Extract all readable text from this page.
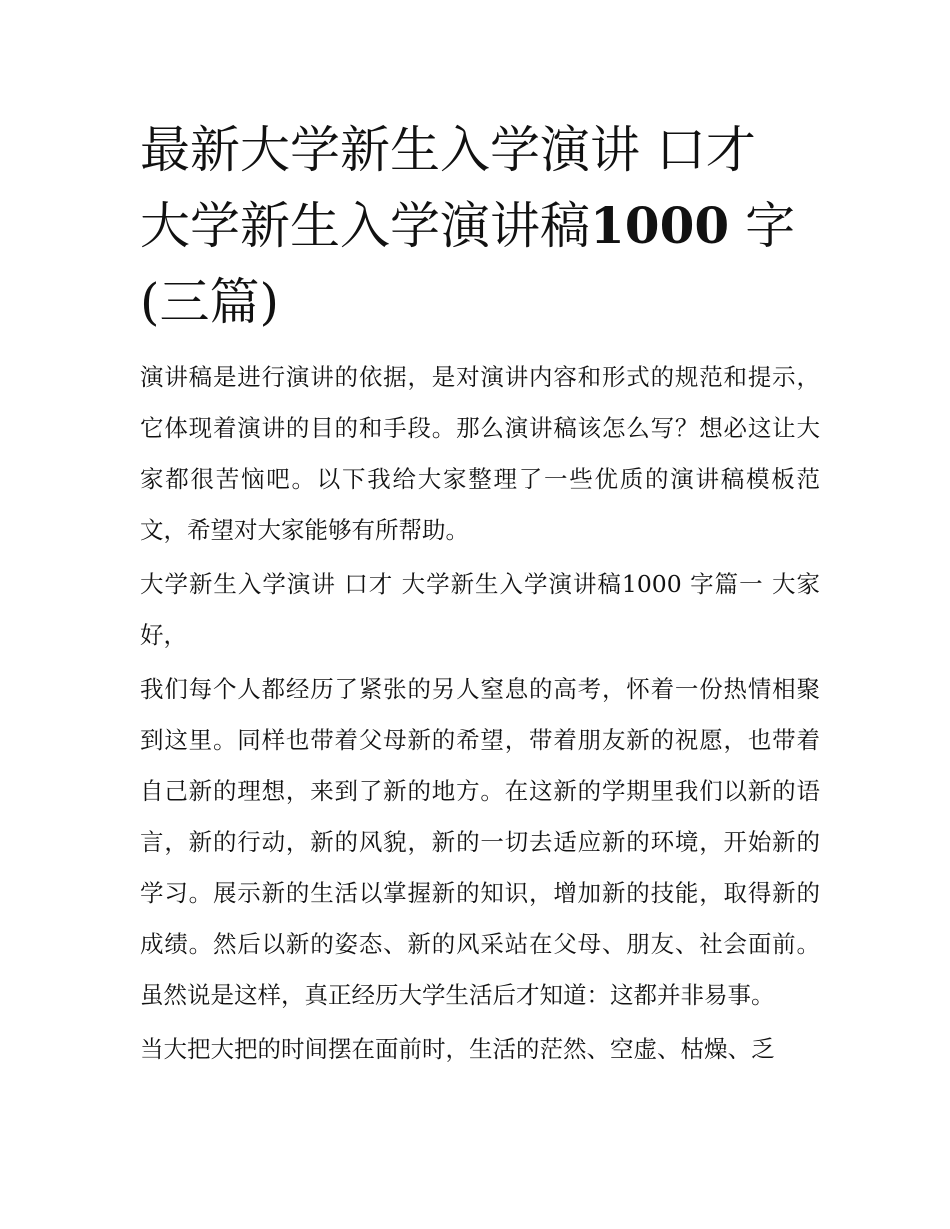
最新大学新生入学演讲 口才
大学新生入学演讲稿1000 字
(三篇)

演讲稿是进行演讲的依据，是对演讲内容和形式的规范和提示，它体现着演讲的目的和手段。那么演讲稿该怎么写？想必这让大家都很苦恼吧。以下我给大家整理了一些优质的演讲稿模板范文，希望对大家能够有所帮助。

大学新生入学演讲 口才 大学新生入学演讲稿1000 字篇一 大家好，

我们每个人都经历了紧张的另人窒息的高考，怀着一份热情相聚到这里。同样也带着父母新的希望，带着朋友新的祝愿，也带着自己新的理想，来到了新的地方。在这新的学期里我们以新的语言，新的行动，新的风貌，新的一切去适应新的环境，开始新的学习。展示新的生活以掌握新的知识，增加新的技能，取得新的成绩。然后以新的姿态、新的风采站在父母、朋友、社会面前。虽然说是这样，真正经历大学生活后才知道：这都并非易事。

当大把大把的时间摆在面前时，生活的茫然、空虚、枯燥、乏
